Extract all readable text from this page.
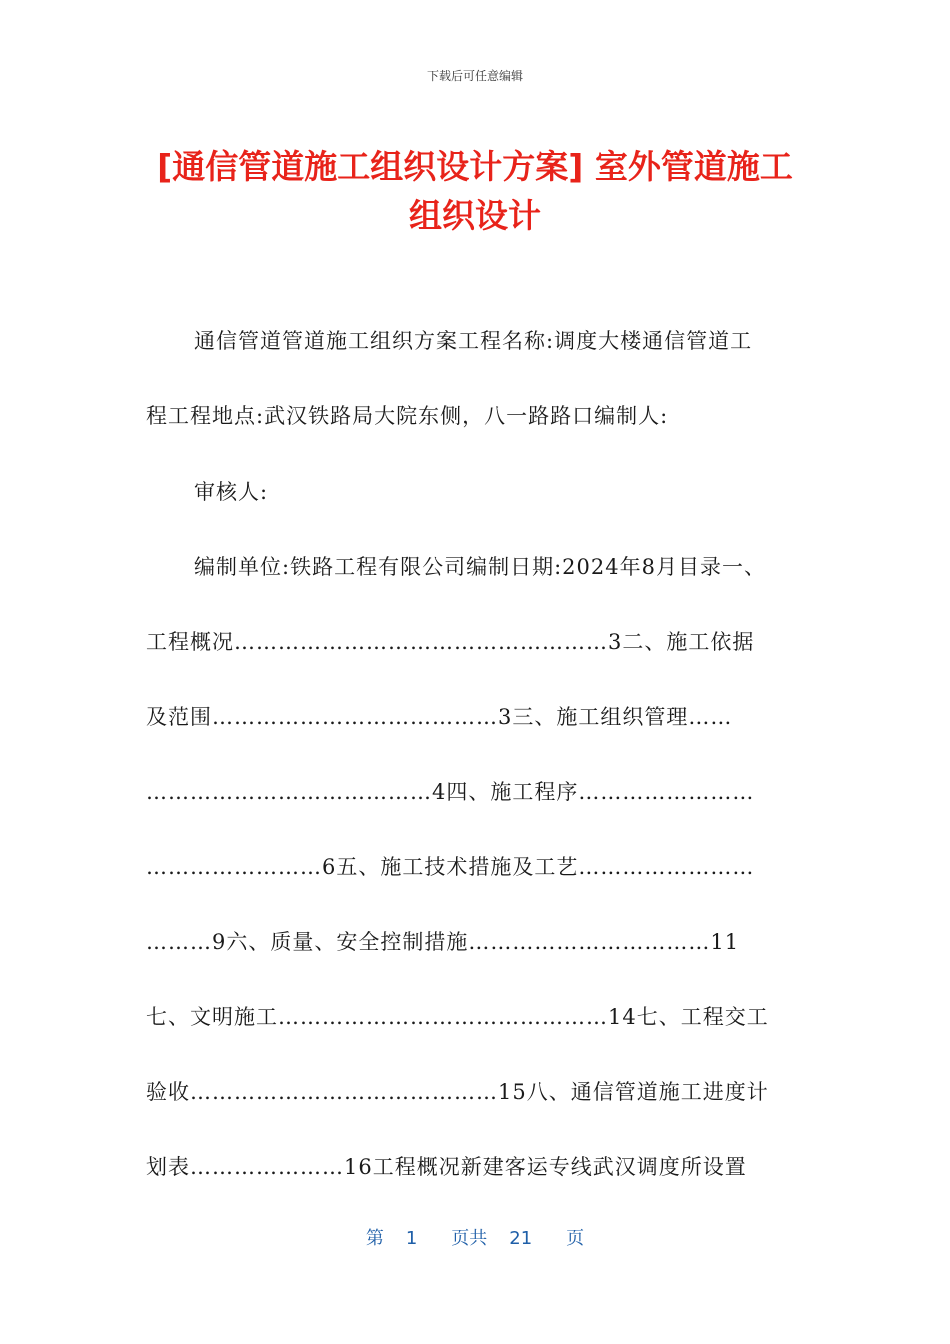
下载后可任意编辑
[通信管道施工组织设计方案] 室外管道施工
组织设计
通信管道管道施工组织方案工程名称:调度大楼通信管道工
程工程地点:武汉铁路局大院东侧，八一路路口编制人:
审核人:
编制单位:铁路工程有限公司编制日期:2024年8月目录一、
工程概况……………………………………………3二、施工依据
及范围…………………………………3三、施工组织管理……
…………………………………4四、施工程序……………………
……………………6五、施工技术措施及工艺……………………
………9六、质量、安全控制措施……………………………11
七、文明施工………………………………………14七、工程交工
验收……………………………………15八、通信管道施工进度计
划表…………………16工程概况新建客运专线武汉调度所设置
第 1 页共 21 页
